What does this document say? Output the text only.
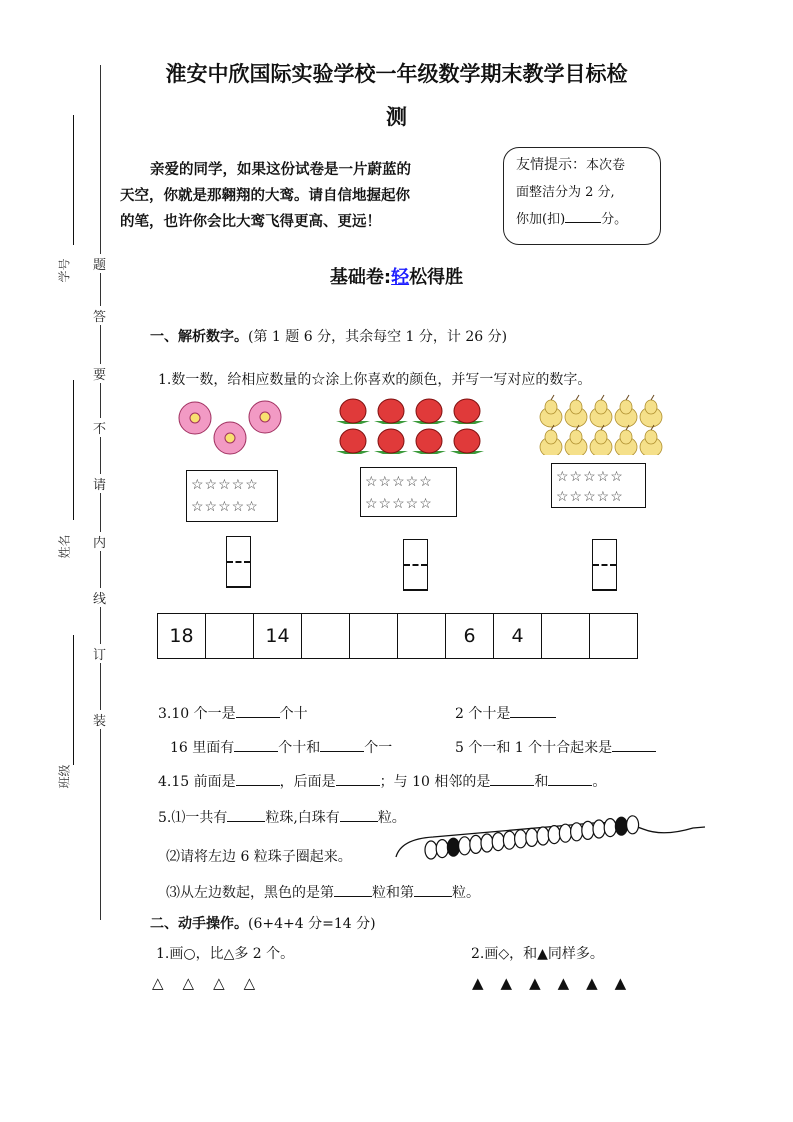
淮安中欣国际实验学校一年级数学期末教学目标检
测
学号
姓名
班级
题
答
要
不
请
内
线
订
装
亲爱的同学，如果这份试卷是一片蔚蓝的
天空，你就是那翱翔的大鸾。请自信地握起你
的笔，也许你会比大鸾飞得更高、更远！
友情提示：本次卷
面整洁分为 2 分,
你加(扣)	分。
基础卷:轻松得胜
一、解析数字。(第 1 题 6 分，其余每空 1 分，计 26 分)
1.数一数，给相应数量的☆涂上你喜欢的颜色，并写一写对应的数字。
☆☆☆☆☆
☆☆☆☆☆
☆☆☆☆☆
☆☆☆☆☆
☆☆☆☆☆
☆☆☆☆☆
18		14				6	4		
3.10 个一是	个十	2 个十是
16 里面有	个十和	个一	5 个一和 1 个十合起来是
4.15 前面是	，后面是	；与 10 相邻的是	和	。
5.⑴一共有	粒珠,白珠有	粒。
⑵请将左边 6 粒珠子圈起来。
⑶从左边数起，黑色的是第	粒和第	粒。
二、动手操作。(6+4+4 分=14 分)
1.画○，比△多 2 个。	2.画◇，和▲同样多。
△　△　△　△	▲　▲　▲　▲　▲　▲
